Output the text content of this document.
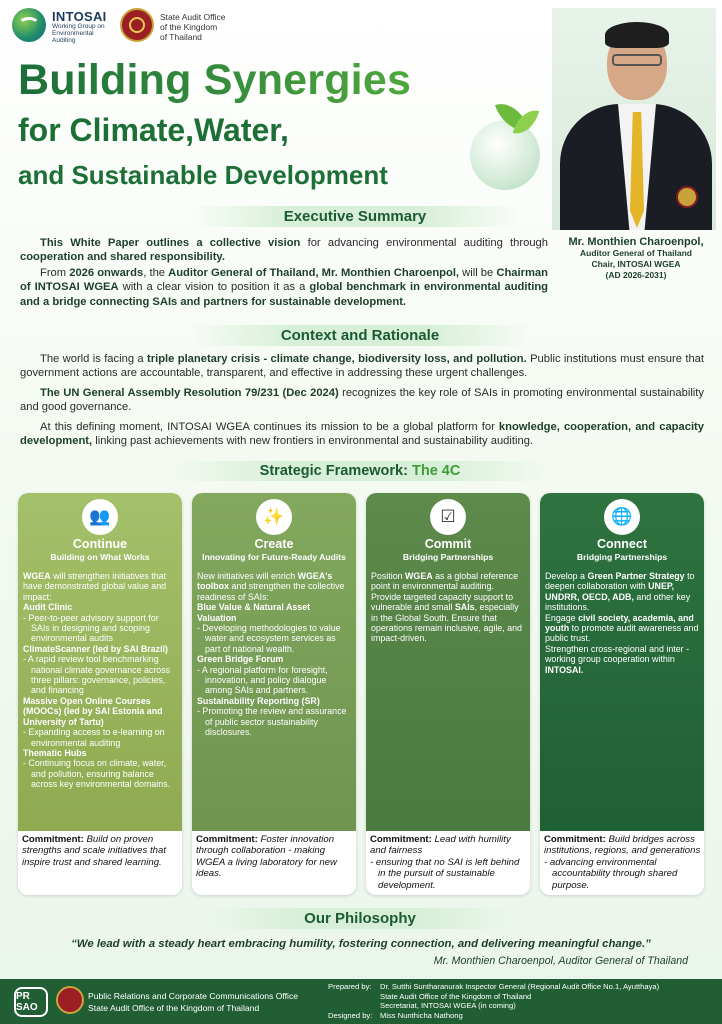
INTOSAI
Working Group on Environmental Auditing
State Audit Office
of the Kingdom
of Thailand
Building Synergies
for Climate,Water,
and Sustainable Development
Mr. Monthien Charoenpol,
Auditor General of Thailand
Chair, INTOSAI WGEA
(AD 2026-2031)
Executive Summary
This White Paper outlines a collective vision for advancing environmental auditing through cooperation and shared responsibility.
From 2026 onwards, the Auditor General of Thailand, Mr. Monthien Charoenpol, will be Chairman of INTOSAI WGEA with a clear vision to position it as a global benchmark in environmental auditing and a bridge connecting SAIs and partners for sustainable development.
Context and Rationale
The world is facing a triple planetary crisis - climate change, biodiversity loss, and pollution. Public institutions must ensure that government actions are accountable, transparent, and effective in addressing these urgent challenges.
The UN General Assembly Resolution 79/231 (Dec 2024) recognizes the key role of SAIs in promoting environmental sustainability and good governance.
At this defining moment, INTOSAI WGEA continues its mission to be a global platform for knowledge, cooperation, and capacity development, linking past achievements with new frontiers in environmental and sustainability auditing.
Strategic Framework: The 4C
👥
Continue
Building on What Works
WGEA will strengthen initiatives that have demonstrated global value and impact:
Audit Clinic
- Peer-to-peer advisory support for SAIs in designing and scoping environmental audits
ClimateScanner (led by SAI Brazil)
- A rapid review tool benchmarking national climate governance across three pillars: governance, policies, and financing
Massive Open Online Courses (MOOCs) (led by SAI Estonia and University of Tartu)
- Expanding access to e-learning on environmental auditing
Thematic Hubs
- Continuing focus on climate, water, and pollution, ensuring balance across key environmental domains.
Commitment: Build on proven strengths and scale initiatives that inspire trust and shared learning.
✨
Create
Innovating for Future-Ready Audits
New initiatives will enrich WGEA's toolbox and strengthen the collective readiness of SAIs:
Blue Value & Natural Asset Valuation
- Developing methodologies to value water and ecosystem services as part of national wealth.
Green Bridge Forum
- A regional platform for foresight, innovation, and policy dialogue among SAIs and partners.
Sustainability Reporting (SR)
- Promoting the review and assurance of public sector sustainability disclosures.
Commitment: Foster innovation through collaboration - making WGEA a living laboratory for new ideas.
☑
Commit
Bridging Partnerships
Position WGEA as a global reference point in environmental auditing. Provide targeted capacity support to vulnerable and small SAIs, especially in the Global South. Ensure that operations remain inclusive, agile, and impact-driven.
Commitment: Lead with humility and fairness
- ensuring that no SAI is left behind in the pursuit of sustainable development.
🌐
Connect
Bridging Partnerships
Develop a Green Partner Strategy to deepen collaboration with UNEP, UNDRR, OECD, ADB, and other key institutions.
Engage civil society, academia, and youth to promote audit awareness and public trust.
Strengthen cross-regional and inter - working group cooperation within INTOSAI.
Commitment: Build bridges across institutions, regions, and generations
- advancing environmental accountability through shared purpose.
Our Philosophy
“We lead with a steady heart embracing humility, fostering connection, and delivering meaningful change.”
Mr. Monthien Charoenpol, Auditor General of Thailand
PR SAO
Public Relations and Corporate Communications Office
State Audit Office of the Kingdom of Thailand
Prepared by: Dr. Sutthi Suntharanurak Inspector General (Regional Audit Office No.1, Ayutthaya)
State Audit Office of the Kingdom of Thailand
Secretariat, INTOSAI WGEA (in coming)
Designed by: Miss Nunthicha Nathong
